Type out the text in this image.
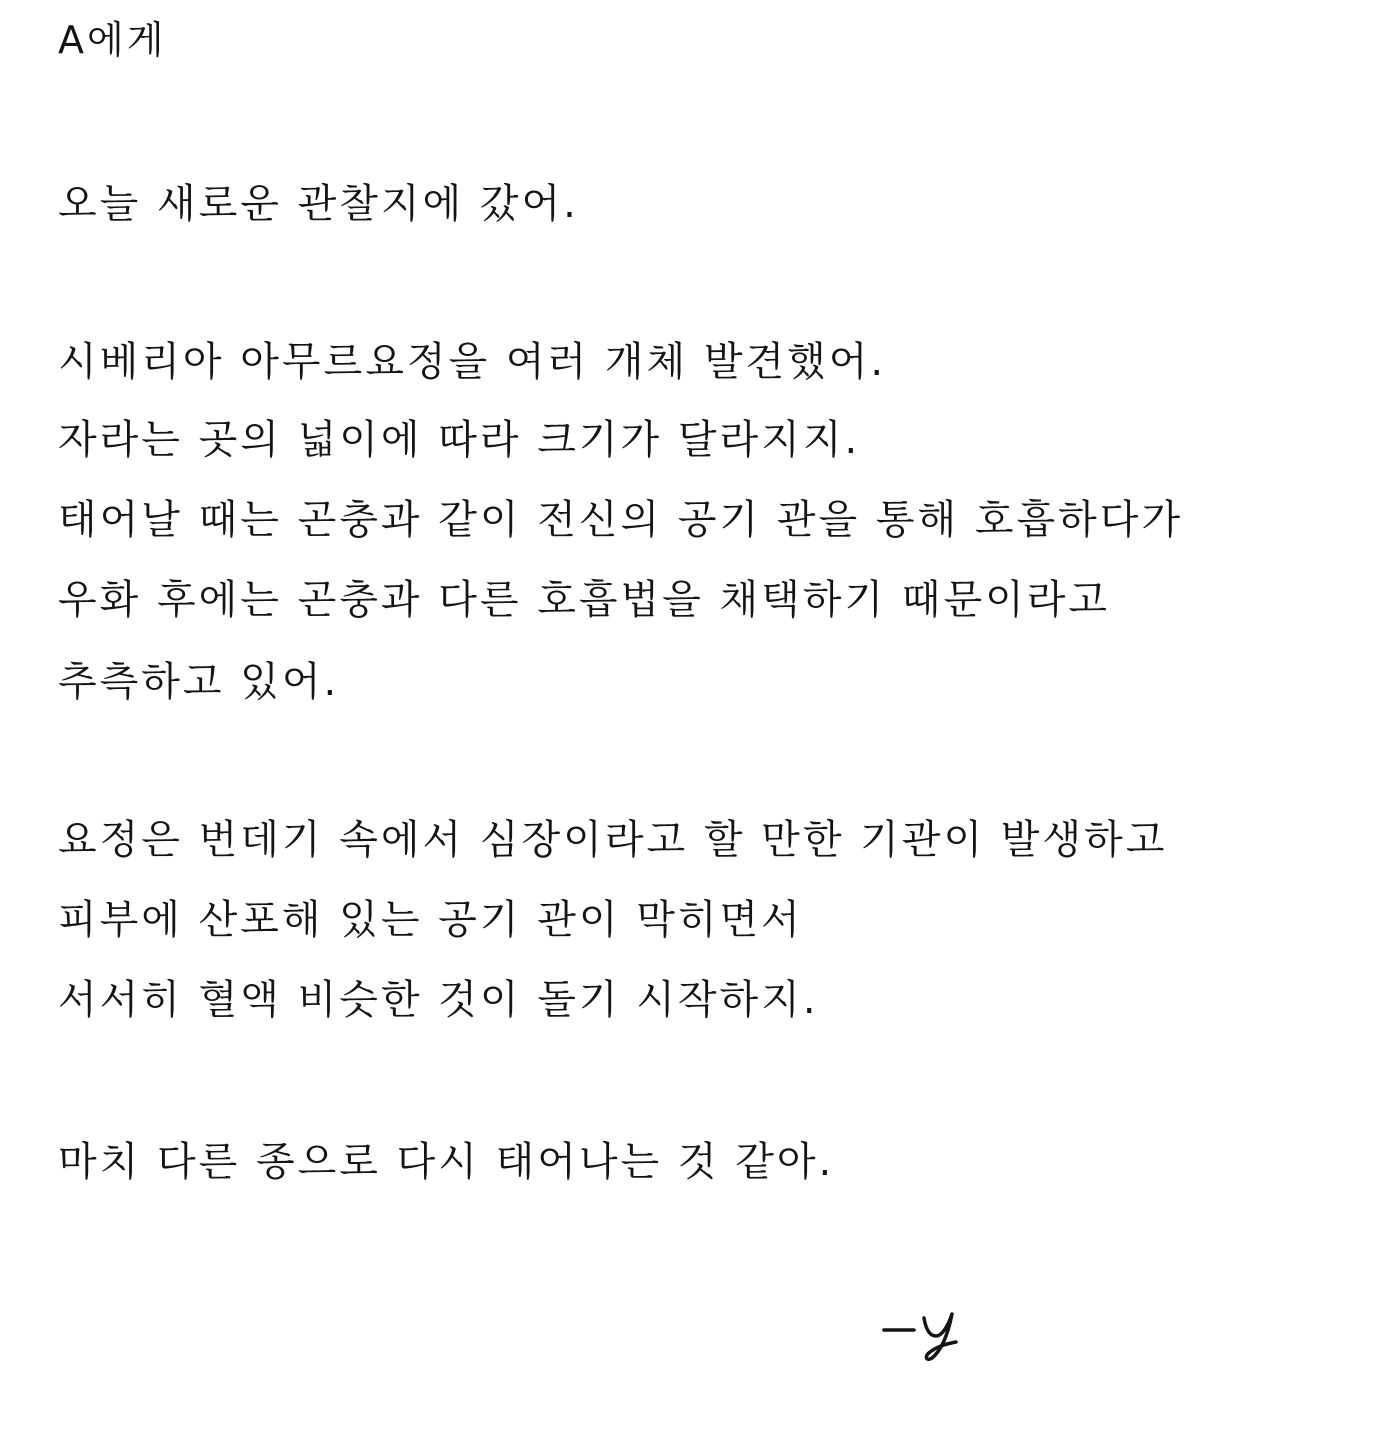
A에게

오늘 새로운 관찰지에 갔어.

시베리아 아무르요정을 여러 개체 발견했어.

자라는 곳의 넓이에 따라 크기가 달라지지.

태어날 때는 곤충과 같이 전신의 공기 관을 통해 호흡하다가

우화 후에는 곤충과 다른 호흡법을 채택하기 때문이라고

추측하고 있어.

요정은 번데기 속에서 심장이라고 할 만한 기관이 발생하고

피부에 산포해 있는 공기 관이 막히면서

서서히 혈액 비슷한 것이 돌기 시작하지.

마치 다른 종으로 다시 태어나는 것 같아.
